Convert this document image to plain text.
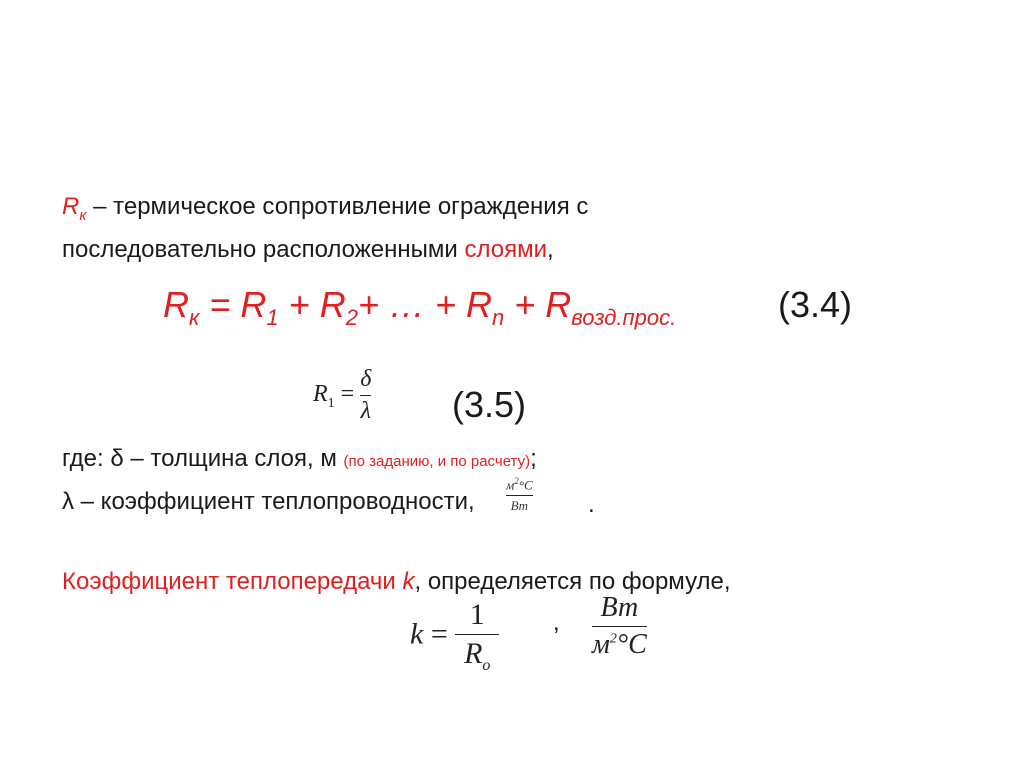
$R_к$ – термическое сопротивление ограждения с
последовательно расположенными слоями,
$R_к = R_1 + R_2+$ … + $R_n + R_{возд.прос.}$	(3.4)
$R_1 = \frac{\delta}{\lambda} (3.5)$
где: δ – толщина слоя, м (по заданию, и по расчету);
λ – коэффициент теплопроводности, $\frac{м^2^\circ С}{Вт}$ .
Коэффициент теплопередачи k, определяется по формуле,
$k = \frac{1}{R_o}$ , $\frac{Вт}{м^2^\circ C}$
